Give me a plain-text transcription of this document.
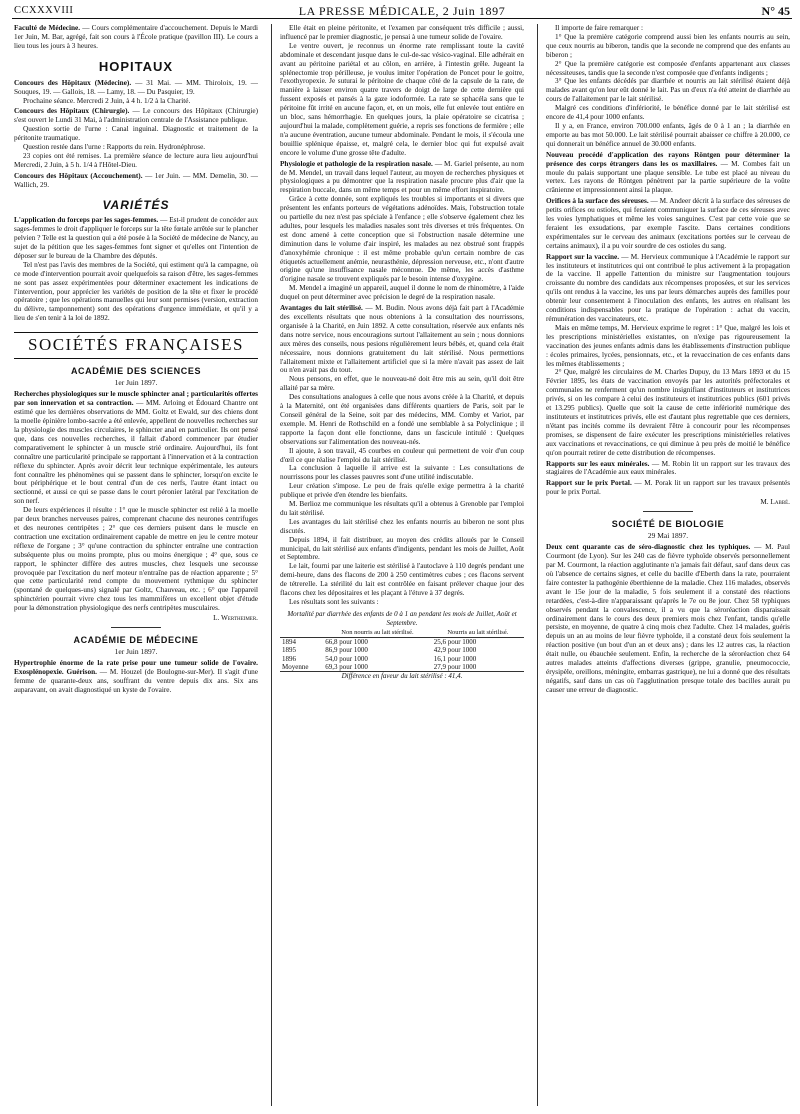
CCXXXVIII	LA PRESSE MÉDICALE, 2 Juin 1897	N° 45

Faculté de Médecine. — Cours complémentaire d'accouchement. Depuis le Mardi 1er Juin, M. Bar, agrégé, fait son cours à l'École pratique (pavillon III). Le cours a lieu tous les jours à 3 heures.

HOPITAUX

Concours des Hôpitaux (Médecine). — 31 Mai. — MM. Thiroloix, 19. — Souques, 19. — Gallois, 18. — Lamy, 18. — Du Pasquier, 19.

Prochaine séance. Mercredi 2 Juin, à 4 h. 1/2 à la Charité.

Concours des Hôpitaux (Chirurgie). — Le concours des Hôpitaux (Chirurgie) s'est ouvert le Lundi 31 Mai, à l'administration centrale de l'Assistance publique.

Question sortie de l'urne : Canal inguinal. Diagnostic et traitement de la péritonite traumatique.

Question restée dans l'urne : Rapports du rein. Hydronéphrose.

23 copies ont été remises. La première séance de lecture aura lieu aujourd'hui Mercredi, 2 Juin, à 5 h. 1/4 à l'Hôtel-Dieu.

Concours des Hôpitaux (Accouchement). — 1er Juin. — MM. Demelin, 30. — Wallich, 29.

VARIÉTÉS

L'application du forceps par les sages-femmes. — Est-il prudent de concéder aux sages-femmes le droit d'appliquer le forceps sur la tête fœtale arrêtée sur le plancher pelvien ? Telle est la question qui a été posée à la Société de médecine de Nancy, au sujet de la pétition que les sages-femmes font signer et qu'elles ont l'intention de déposer sur le bureau de la Chambre des députés.

Tel n'est pas l'avis des membres de la Société, qui estiment qu'à la campagne, où ce mode d'intervention pourrait avoir quelquefois sa raison d'être, les sages-femmes ne sont pas assez expérimentées pour déterminer exactement les indications de l'intervention, pour apprécier les variétés de position de la tête et fixer le procédé opératoire ; que les opérations manuelles qui leur sont permises (version, extraction du délivre, tamponnement) sont des opérations d'urgence immédiate, et qu'il y a lieu de s'en tenir à la loi de 1892.

SOCIÉTÉS FRANÇAISES
ACADÉMIE DES SCIENCES
1er Juin 1897.

Recherches physiologiques sur le muscle sphincter anal ; particularités offertes par son innervation et sa contraction. — MM. Arloing et Édouard Chantre ont estimé que les dernières observations de MM. Goltz et Ewald, sur des chiens dont la moelle épinière lombo-sacrée a été enlevée, appellent de nouvelles recherches sur la physiologie des muscles circulaires, le sphincter anal en particulier. Ils ont pensé que, dans ces nouvelles recherches, il fallait d'abord commencer par étudier comparativement le sphincter à un muscle strié ordinaire. Aujourd'hui, ils font connaître une particularité principale se rapportant à l'innervation et à la contraction réflexe du sphincter. Après avoir décrit leur technique expérimentale, les auteurs font connaître les phénomènes qui se passent dans le sphincter, lorsqu'on excite le bout périphérique et le bout central d'un de ces nerfs, l'autre étant intact ou sectionné, et aussi ce qui se passe dans le court péronier latéral par l'excitation de son nerf.

De leurs expériences il résulte : 1° que le muscle sphincter est relié à la moelle par deux branches nerveuses paires, comprenant chacune des neurones centrifuges et des neurones centripètes ; 2° que ces derniers puisent dans le muscle en contraction une excitation ordinairement capable de mettre en jeu le centre moteur réflexe de l'organe ; 3° qu'une contraction du sphincter entraîne une contraction subséquente plus ou moins prompte, plus ou moins énergique ; 4° que, sous ce rapport, le sphincter diffère des autres muscles, chez lesquels une secousse provoquée par l'excitation du nerf moteur n'entraîne pas de réaction apparente ; 5° que cette particularité rend compte du mouvement rythmique du sphincter (spontané de quelques-uns) signalé par Goltz, Chauveau, etc. ; 6° que l'appareil sphinctérien pourrait vivre chez tous les mammifères un excellent objet d'étude pour la démonstration physiologique des nerfs centripètes musculaires.

L. Wertheimer.
ACADÉMIE DE MÉDECINE
1er Juin 1897.

Hypertrophie énorme de la rate prise pour une tumeur solide de l'ovaire. Exosplénopexie. Guérison. — M. Houzel (de Boulogne-sur-Mer). Il s'agit d'une femme de quarante-deux ans, souffrant du ventre depuis dix ans. Six ans auparavant, on avait diagnostiqué un kyste de l'ovaire.

Elle était en pleine péritonite, et l'examen par conséquent très difficile ; aussi, influencé par le premier diagnostic, je pensai à une tumeur solide de l'ovaire.

Le ventre ouvert, je reconnus un énorme rate remplissant toute la cavité abdominale et descendant jusque dans le cul-de-sac vésico-vaginal. Elle adhérait en avant au péritoine pariétal et au côlon, en arrière, à l'intestin grêle. Jugeant la splénectomie trop périlleuse, je voulus imiter l'opération de Poncet pour le goitre, l'exothyropexie. Je suturai le péritoine de chaque côté de la capsule de la rate, de manière à laisser environ quatre travers de doigt de large de cette dernière qui fussent exposés et pansés à la gaze iodoformée. La rate se sphacéla sans que le péritoine fût irrité en aucune façon, et, en un mois, elle fut enlevée tout entière en un bloc, sans hémorrhagie. En quelques jours, la plaie opératoire se cicatrisa ; aujourd'hui la malade, complètement guérie, a repris ses fonctions de fermière ; elle n'a aucune éventration, aucune tumeur abdominale. Pendant le mois, il s'écoula une bouillie splénique épaisse, et, malgré cela, le dernier bloc qui fut expulsé avait encore le volume d'une grosse tête d'adulte.

Physiologie et pathologie de la respiration nasale. — M. Gariel présente, au nom de M. Mendel, un travail dans lequel l'auteur, au moyen de recherches physiques et physiologiques a pu démontrer que la respiration nasale procure plus d'air que la respiration buccale, dans un même temps et pour un même effort inspiratoire.

Grâce à cette donnée, sont expliqués les troubles si importants et si divers que présentent les enfants porteurs de végétations adénoïdes. Mais, l'obstruction totale ou partielle du nez n'est pas spéciale à l'enfance ; elle s'observe également chez les adultes, pour lesquels les maladies nasales sont très diverses et très fréquentes. On est donc amené à cette conception que si l'obstruction nasale détermine une diminution dans le volume d'air inspiré, les malades au nez obstrué sont frappés d'anoxyhémie chronique : il est même probable qu'un certain nombre de cas étiquetés actuellement anémie, neurasthénie, dépression nerveuse, etc., n'ont d'autre origine qu'une insuffisance nasale méconnue. De même, les accès d'asthme d'origine nasale se trouvent expliqués par le besoin intense d'oxygène.

M. Mendel a imaginé un appareil, auquel il donne le nom de rhinomètre, à l'aide duquel on peut déterminer avec précision le degré de la respiration nasale.

Avantages du lait stérilisé. — M. Budin. Nous avons déjà fait part à l'Académie des excellents résultats que nous obtenions à la consultation des nourrissons, organisée à la Charité, en Juin 1892. A cette consultation, réservée aux enfants nés dans notre service, nous encouragions surtout l'allaitement au sein ; nous donnions aux mères des conseils, nous pesions régulièrement leurs bébés, et, quand cela était nécessaire, nous donnions gratuitement du lait stérilisé. Nous permettions l'allaitement mixte et l'allaitement artificiel que si la mère n'avait pas assez de lait ou n'en avait pas du tout.

Nous pensons, en effet, que le nouveau-né doit être mis au sein, qu'il doit être allaité par sa mère.

Des consultations analogues à celle que nous avons créée à la Charité, et depuis à la Maternité, ont été organisées dans différents quartiers de Paris, soit par le Conseil général de la Seine, soit par des médecins, MM. Comby et Variot, par exemple. M. Henri de Rothschild en a fondé une semblable à sa Polyclinique ; il rapporte la façon dont elle fonctionne, dans un fascicule intitulé : Quelques observations sur l'alimentation des nouveau-nés.

Il ajoute, à son travail, 45 courbes en couleur qui permettent de voir d'un coup d'œil ce que réalise l'emploi du lait stérilisé.

La conclusion à laquelle il arrive est la suivante : Les consultations de nourrissons pour les classes pauvres sont d'une utilité indiscutable.

Leur création s'impose. Le peu de frais qu'elle exige permettra à la charité publique et privée d'en étendre les bienfaits.

M. Berlioz me communique les résultats qu'il a obtenus à Grenoble par l'emploi du lait stérilisé.

Les avantages du lait stérilisé chez les enfants nourris au biberon ne sont plus discutés.

Depuis 1894, il fait distribuer, au moyen des crédits alloués par le Conseil municipal, du lait stérilisé aux enfants d'indigents, pendant les mois de Juillet, Août et Septembre.

Le lait, fourni par une laiterie est stérilisé à l'autoclave à 110 degrés pendant une demi-heure, dans des flacons de 200 à 250 centimètres cubes ; ces flacons servent de tétrerelle. La stérilité du lait est contrôlée en faisant prélever chaque jour des flacons chez les dépositaires et les plaçant à l'étuve à 37 degrés.

Les résultats sont les suivants :

Mortalité par diarrhée des enfants de 0 à 1 an pendant les mois de Juillet, Août et Septembre.
	Non nourris au lait stérilisé.	Nourris au lait stérilisé.
1894	66,8 pour 1000	25,6 pour 1000
1895	86,9 pour 1000	42,9 pour 1000
1896	54,0 pour 1000	16,1 pour 1000
Moyenne	69,3 pour 1000	27,9 pour 1000
Différence en faveur du lait stérilisé : 41,4.		

Il importe de faire remarquer :

1° Que la première catégorie comprend aussi bien les enfants nourris au sein, que ceux nourris au biberon, tandis que la seconde ne comprend que des enfants au biberon ;

2° Que la première catégorie est composée d'enfants appartenant aux classes nécessiteuses, tandis que la seconde n'est composée que d'enfants indigents ;

3° Que les enfants décédés par diarrhée et nourris au lait stérilisé étaient déjà malades avant qu'on leur eût donné le lait. Pas un d'eux n'a été atteint de diarrhée au cours de l'allaitement par le lait stérilisé.

Malgré ces conditions d'infériorité, le bénéfice donné par le lait stérilisé est encore de 41,4 pour 1000 enfants.

Il y a, en France, environ 700.000 enfants, âgés de 0 à 1 an ; la diarrhée en emporte au bas mot 50.000. Le lait stérilisé pourrait abaisser ce chiffre à 20.000, ce qui donnerait un bénéfice annuel de 30.000 enfants.

Nouveau procédé d'application des rayons Röntgen pour déterminer la présence des corps étrangers dans les os maxillaires. — M. Combes fait un moule du palais supportant une plaque sensible. Le tube est placé au niveau du vertex. Les rayons de Röntgen pénètrent par la partie supérieure de la voûte crânienne et impressionnent ainsi la plaque.

Orifices à la surface des séreuses. — M. Andeer décrit à la surface des séreuses de petits orifices ou ostioles, qui feraient communiquer la surface de ces séreuses avec les voies lymphatiques et même les voies sanguines. C'est par cette voie que se feraient les exsudations, par exemple l'ascite. Dans certaines conditions expérimentales sur le cerveau des animaux (excitations portées sur le cerveau de certains animaux), il a pu voir sourdre de ces ostioles du sang.

Rapport sur la vaccine. — M. Hervieux communique à l'Académie le rapport sur les instituteurs et institutrices qui ont contribué le plus activement à la propagation de la vaccine. Il appelle l'attention du ministre sur l'augmentation toujours croissante du nombre des candidats aux récompenses proposées, et sur les services qu'ils ont rendus à la vaccine, les uns par leurs démarches auprès des familles pour obtenir leur consentement à l'inoculation des enfants, les autres en réalisant les conditions indispensables pour la pratique de l'opération : achat du vaccin, rémunération des vaccinateurs, etc.

Mais en même temps, M. Hervieux exprime le regret : 1° Que, malgré les lois et les prescriptions ministérielles existantes, on n'exige pas rigoureusement la vaccination des jeunes enfants admis dans les établissements d'instruction publique : écoles primaires, lycées, pensionnats, etc., et la revaccination de ces enfants dans les mêmes établissements ;

2° Que, malgré les circulaires de M. Charles Dupuy, du 13 Mars 1893 et du 15 Février 1895, les états de vaccination envoyés par les autorités préfectorales et communales ne renferment qu'un nombre insignifiant d'instituteurs et institutrices privés, si on les compare à celui des instituteurs et institutrices publics (601 privés et 13.295 publics). Quelle que soit la cause de cette infériorité numérique des instituteurs et institutrices privés, elle est d'autant plus regrettable que ces derniers, n'étant pas incités comme ils devraient l'être à concourir pour les récompenses promises, se dispensent de faire exécuter les prescriptions ministérielles relatives aux vaccinations et revaccinations, ce qui diminue à peu près de moitié le bénéfice qu'on pourrait retirer de cette distribution de récompenses.

Rapports sur les eaux minérales. — M. Robin lit un rapport sur les travaux des stagiaires de l'Académie aux eaux minérales.

Rapport sur le prix Portal. — M. Porak lit un rapport sur les travaux présentés pour le prix Portal.

M. Labbé.
SOCIÉTÉ DE BIOLOGIE
29 Mai 1897.

Deux cent quarante cas de séro-diagnostic chez les typhiques. — M. Paul Courmont (de Lyon). Sur les 240 cas de fièvre typhoïde observés personnellement par M. Courmont, la réaction agglutinante n'a jamais fait défaut, sauf dans deux cas où l'absence de certains signes, et celle du bacille d'Eberth dans la rate, pourraient faire contester la pathogénie éberthienne de la maladie. Chez 116 malades, observés avant le 15e jour de la maladie, 5 fois seulement il a constaté des réactions retardées, c'est-à-dire n'apparaissant qu'après le 7e ou 8e jour. Chez 58 typhiques observés pendant la convalescence, il a vu que la séroréaction disparaissait ordinairement dans le cours des deux premiers mois chez l'enfant, tandis qu'elle persiste, en moyenne, de quatre à cinq mois chez l'adulte. Chez 14 malades, guéris depuis un an au moins de leur fièvre typhoïde, il a constaté deux fois seulement la réaction positive (un bout d'un an et deux ans) ; dans les 12 autres cas, la réaction était nulle, ou ébauchée seulement. Enfin, la recherche de la séroréaction chez 64 autres malades atteints d'affections diverses (grippe, granulie, pneumococcie, érysipèle, oreillons, méningite, embarras gastrique), ne lui a donné que des résultats négatifs, sauf dans un cas où l'agglutination presque totale des bacilles aurait pu causer une erreur de diagnostic.
